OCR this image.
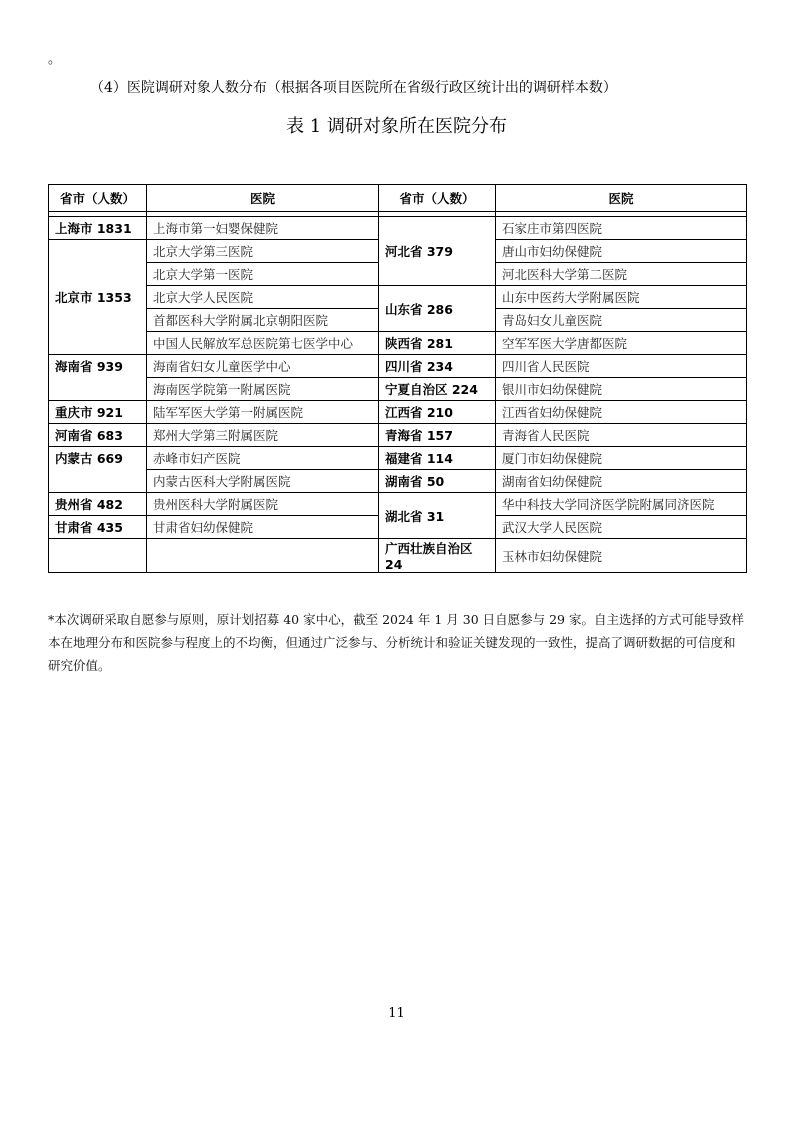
。
（4）医院调研对象人数分布（根据各项目医院所在省级行政区统计出的调研样本数）
表 1 调研对象所在医院分布
省市（人数）	医院	省市（人数）	医院

上海市 1831	上海市第一妇婴保健院	河北省 379	石家庄市第四医院
北京市 1353	北京大学第三医院		唐山市妇幼保健院
	北京大学第一医院		河北医科大学第二医院
	北京大学人民医院	山东省 286	山东中医药大学附属医院
	首都医科大学附属北京朝阳医院		青岛妇女儿童医院
	中国人民解放军总医院第七医学中心	陕西省 281	空军军医大学唐都医院
海南省 939	海南省妇女儿童医学中心	四川省 234	四川省人民医院
	海南医学院第一附属医院	宁夏自治区 224	银川市妇幼保健院
重庆市 921	陆军军医大学第一附属医院	江西省 210	江西省妇幼保健院
河南省 683	郑州大学第三附属医院	青海省 157	青海省人民医院
内蒙古 669	赤峰市妇产医院	福建省 114	厦门市妇幼保健院
	内蒙古医科大学附属医院	湖南省 50	湖南省妇幼保健院
贵州省 482	贵州医科大学附属医院	湖北省 31	华中科技大学同济医学院附属同济医院
甘肃省 435	甘肃省妇幼保健院		武汉大学人民医院
		广西壮族自治区 24	玉林市妇幼保健院
*本次调研采取自愿参与原则，原计划招募 40 家中心，截至 2024 年 1 月 30 日自愿参与 29 家。自主选择的方式可能导致样本在地理分布和医院参与程度上的不均衡，但通过广泛参与、分析统计和验证关键发现的一致性，提高了调研数据的可信度和研究价值。
11
